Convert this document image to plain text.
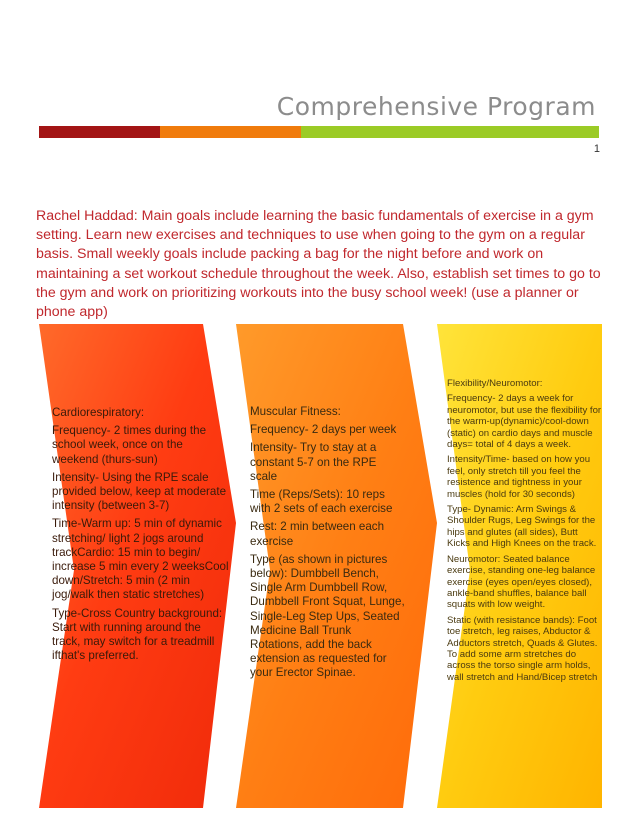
Comprehensive Program
1

Rachel Haddad: Main goals include learning the basic fundamentals of exercise in a gym setting. Learn new exercises and techniques to use when going to the gym on a regular basis. Small weekly goals include packing a bag for the night before and work on maintaining a set workout schedule throughout the week. Also, establish set times to go to the gym and work on prioritizing workouts into the busy school week! (use a planner or phone app)

Cardiorespiratory:
Frequency- 2 times during the school week, once on the weekend (thurs-sun)
Intensity- Using the RPE scale provided below, keep at moderate intensity (between 3-7)
Time-Warm up: 5 min of dynamic stretching/ light 2 jogs around trackCardio: 15 min to begin/ increase 5 min every 2 weeksCool down/Stretch: 5 min (2 min jog/walk then static stretches)
Type-Cross Country background: Start with running around the track, may switch for a treadmill ifthat's preferred.
Muscular Fitness:
Frequency- 2 days per week
Intensity- Try to stay at a constant 5-7 on the RPE scale
Time (Reps/Sets): 10 reps with 2 sets of each exercise
Rest: 2 min between each exercise
Type (as shown in pictures below): Dumbbell Bench, Single Arm Dumbbell Row, Dumbbell Front Squat, Lunge, Single-Leg Step Ups, Seated Medicine Ball Trunk Rotations, add the back extension as requested for your Erector Spinae.
Flexibility/Neuromotor:
Frequency- 2 days a week for neuromotor, but use the flexibility for the warm-up(dynamic)/cool-down (static) on cardio days and muscle days= total of 4 days a week.
Intensity/Time- based on how you feel, only stretch till you feel the resistence and tightness in your muscles (hold for 30 seconds)
Type- Dynamic: Arm Swings & Shoulder Rugs, Leg Swings for the hips and glutes (all sides), Butt Kicks and High Knees on the track.
Neuromotor: Seated balance exercise, standing one-leg balance exercise (eyes open/eyes closed), ankle-band shuffles, balance ball squats with low weight.
Static (with resistance bands): Foot toe stretch, leg raises, Abductor & Adductors stretch, Quads & Glutes. To add some arm stretches do across the torso single arm holds, wall stretch and Hand/Bicep stretch
